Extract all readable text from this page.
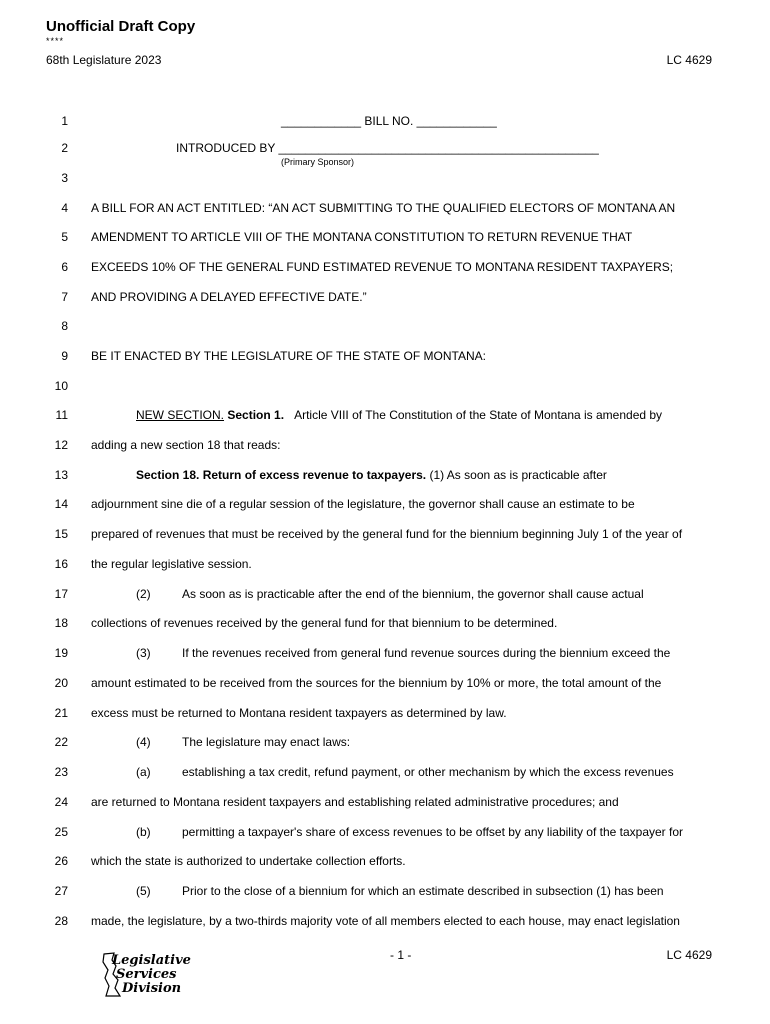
Unofficial Draft Copy
****
68th Legislature 2023	LC 4629
1
2
3
4
5
6
7
8
9
10
11
12
13
14
15
16
17
18
19
20
21
22
23
24
25
26
27
28
____________ BILL NO. ____________
INTRODUCED BY ________________________________________________
(Primary Sponsor)
A BILL FOR AN ACT ENTITLED: “AN ACT SUBMITTING TO THE QUALIFIED ELECTORS OF MONTANA AN
AMENDMENT TO ARTICLE VIII OF THE MONTANA CONSTITUTION TO RETURN REVENUE THAT
EXCEEDS 10% OF THE GENERAL FUND ESTIMATED REVENUE TO MONTANA RESIDENT TAXPAYERS;
AND PROVIDING A DELAYED EFFECTIVE DATE.”
BE IT ENACTED BY THE LEGISLATURE OF THE STATE OF MONTANA:
NEW SECTION. Section 1. Article VIII of The Constitution of the State of Montana is amended by
adding a new section 18 that reads:
Section 18. Return of excess revenue to taxpayers. (1) As soon as is practicable after
adjournment sine die of a regular session of the legislature, the governor shall cause an estimate to be
prepared of revenues that must be received by the general fund for the biennium beginning July 1 of the year of
the regular legislative session.
(2)	As soon as is practicable after the end of the biennium, the governor shall cause actual
collections of revenues received by the general fund for that biennium to be determined.
(3)	If the revenues received from general fund revenue sources during the biennium exceed the
amount estimated to be received from the sources for the biennium by 10% or more, the total amount of the
excess must be returned to Montana resident taxpayers as determined by law.
(4)	The legislature may enact laws:
(a)	establishing a tax credit, refund payment, or other mechanism by which the excess revenues
are returned to Montana resident taxpayers and establishing related administrative procedures; and
(b)	permitting a taxpayer's share of excess revenues to be offset by any liability of the taxpayer for
which the state is authorized to undertake collection efforts.
(5)	Prior to the close of a biennium for which an estimate described in subsection (1) has been
made, the legislature, by a two-thirds majority vote of all members elected to each house, may enact legislation
Legislative
Services
Division
- 1 -	LC 4629
